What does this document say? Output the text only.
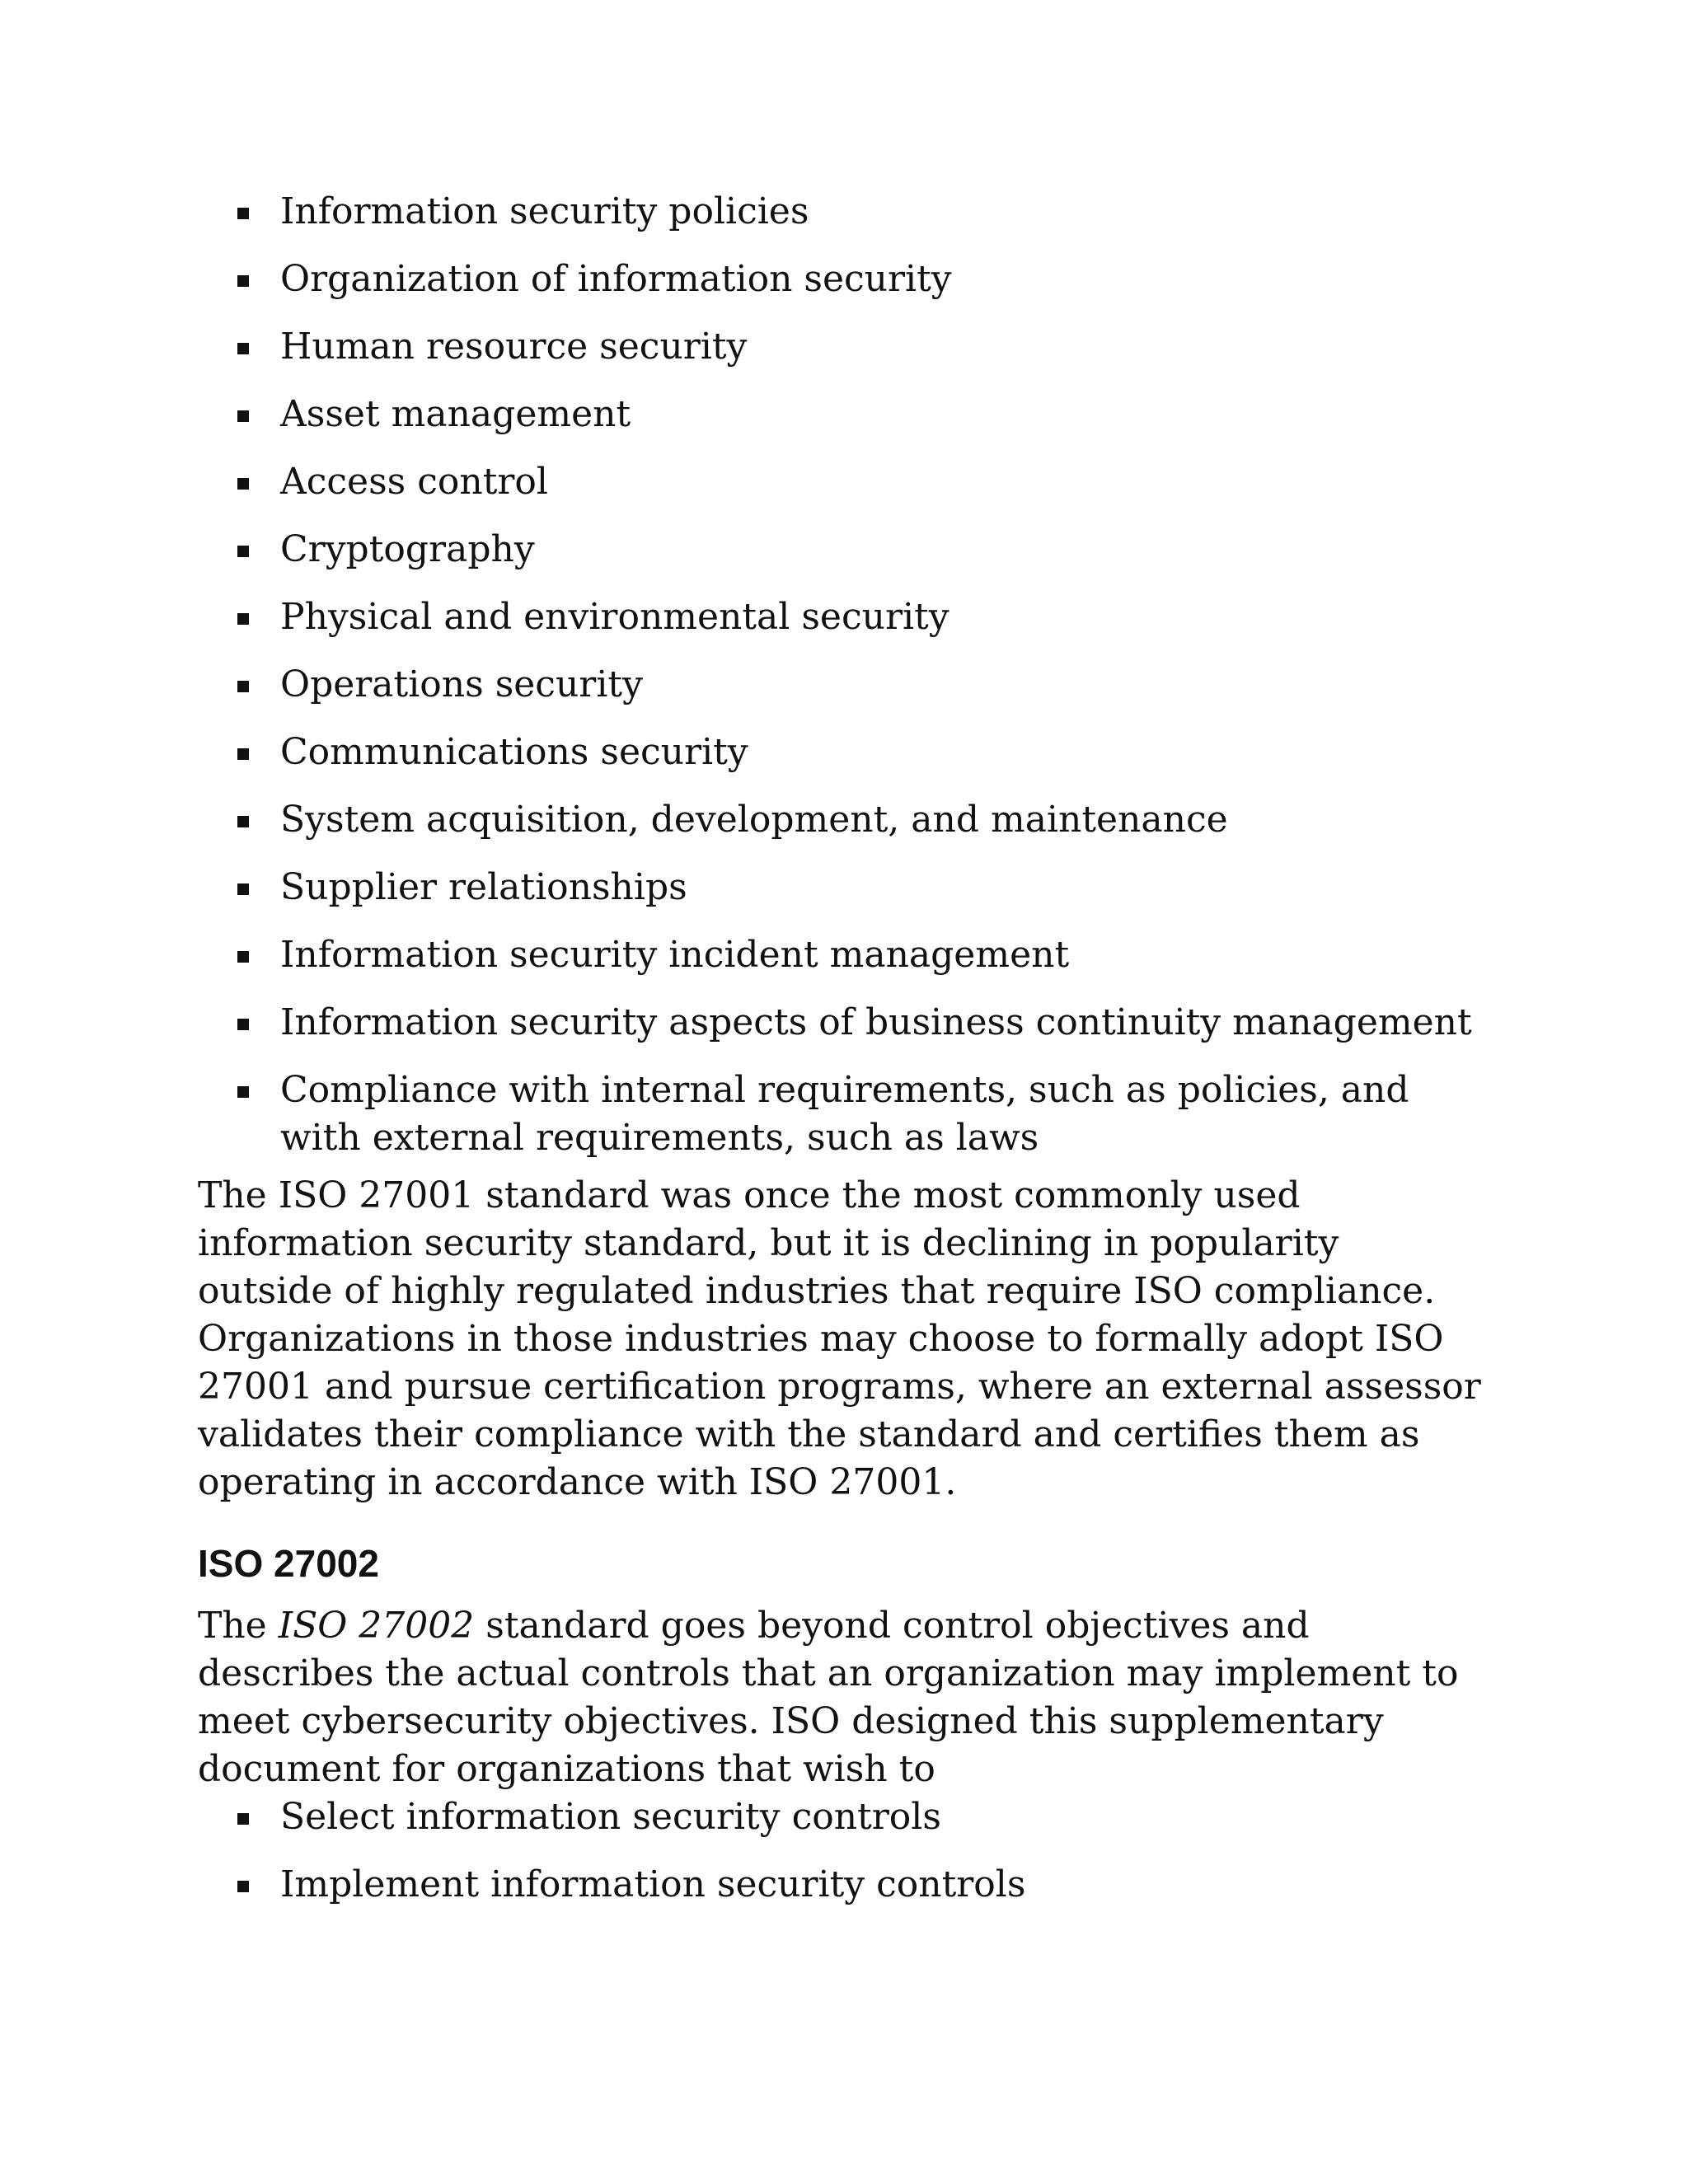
Information security policies
Organization of information security
Human resource security
Asset management
Access control
Cryptography
Physical and environmental security
Operations security
Communications security
System acquisition, development, and maintenance
Supplier relationships
Information security incident management
Information security aspects of business continuity management
Compliance with internal requirements, such as policies, and with external requirements, such as laws

The ISO 27001 standard was once the most commonly used information security standard, but it is declining in popularity outside of highly regulated industries that require ISO compliance. Organizations in those industries may choose to formally adopt ISO 27001 and pursue certification programs, where an external assessor validates their compliance with the standard and certifies them as operating in accordance with ISO 27001.

ISO 27002

The ISO 27002 standard goes beyond control objectives and describes the actual controls that an organization may implement to meet cybersecurity objectives. ISO designed this supplementary document for organizations that wish to

Select information security controls
Implement information security controls
